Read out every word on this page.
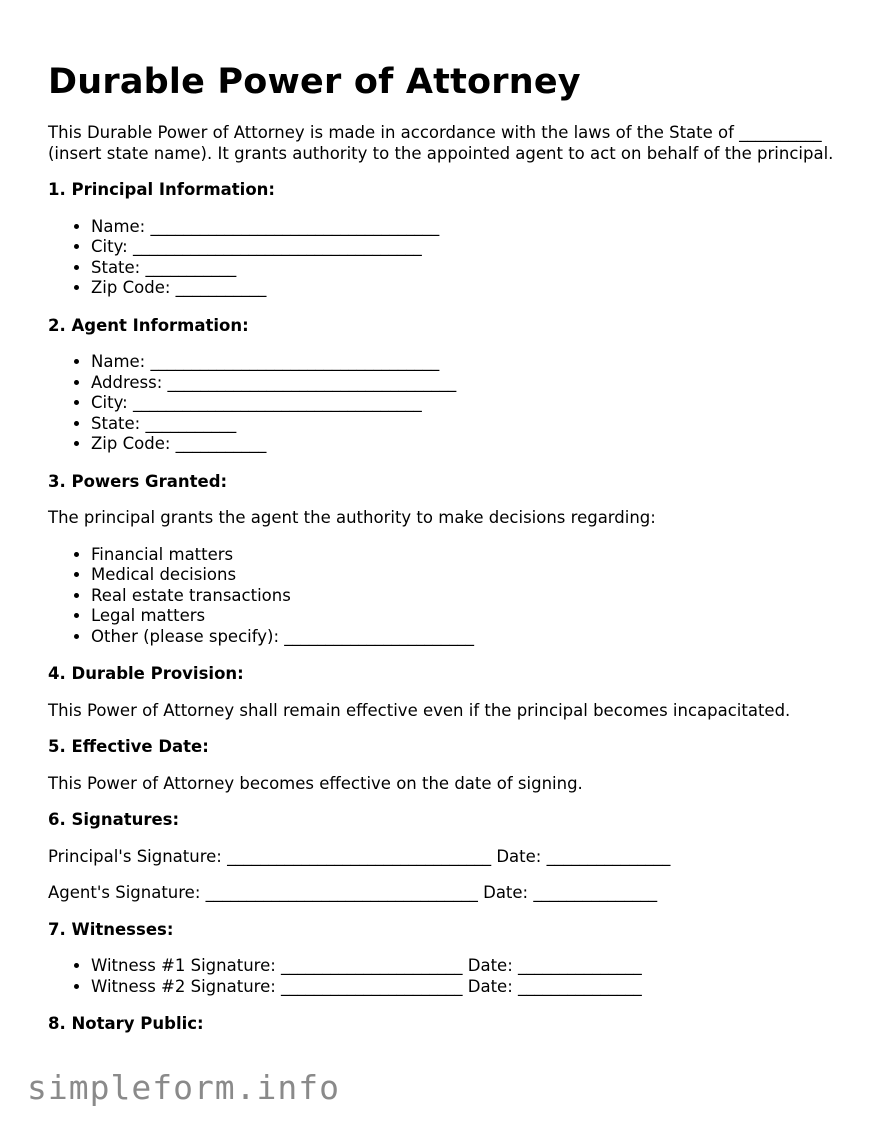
Durable Power of Attorney

This Durable Power of Attorney is made in accordance with the laws of the State of __________ (insert state name). It grants authority to the appointed agent to act on behalf of the principal.

1. Principal Information:
• Name: ___________________________________
• City: ___________________________________
• State: ___________
• Zip Code: ___________
2. Agent Information:
• Name: ___________________________________
• Address: ___________________________________
• City: ___________________________________
• State: ___________
• Zip Code: ___________
3. Powers Granted:

The principal grants the agent the authority to make decisions regarding:

• Financial matters
• Medical decisions
• Real estate transactions
• Legal matters
• Other (please specify): _______________________
4. Durable Provision:

This Power of Attorney shall remain effective even if the principal becomes incapacitated.

5. Effective Date:

This Power of Attorney becomes effective on the date of signing.

6. Signatures:

Principal's Signature: ________________________________ Date: _______________

Agent's Signature: _________________________________ Date: _______________

7. Witnesses:
• Witness #1 Signature: ______________________ Date: _______________
• Witness #2 Signature: ______________________ Date: _______________
8. Notary Public:
simpleform.info
